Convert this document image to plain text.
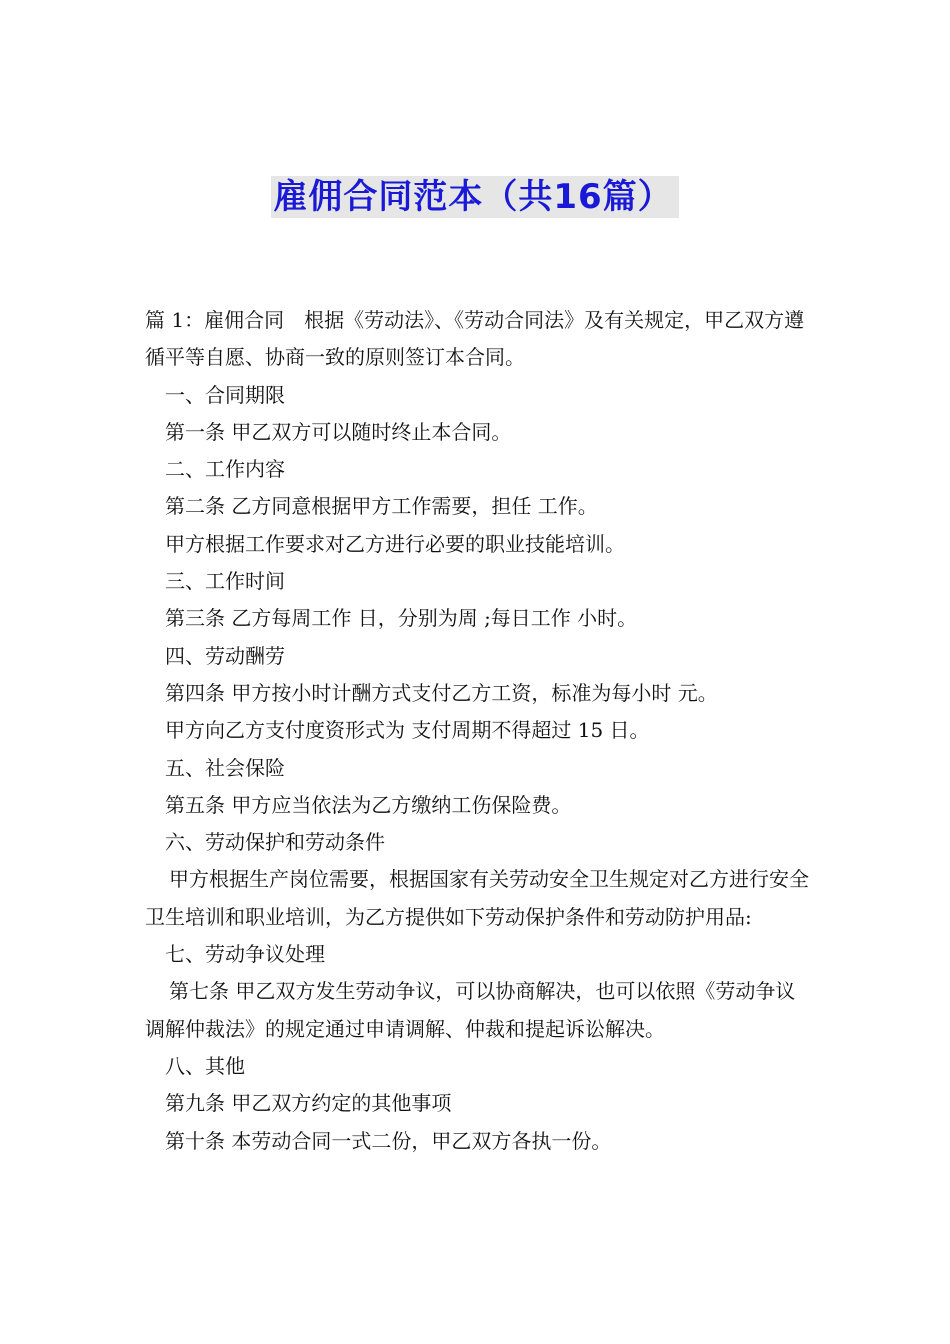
雇佣合同范本（共16篇）

篇 1：雇佣合同　根据《劳动法》、《劳动合同法》及有关规定，甲乙双方遵循平等自愿、协商一致的原则签订本合同。

一、合同期限

第一条 甲乙双方可以随时终止本合同。

二、工作内容

第二条 乙方同意根据甲方工作需要，担任 工作。

甲方根据工作要求对乙方进行必要的职业技能培训。

三、工作时间

第三条 乙方每周工作 日，分别为周 ;每日工作 小时。

四、劳动酬劳

第四条 甲方按小时计酬方式支付乙方工资，标准为每小时 元。

甲方向乙方支付度资形式为 支付周期不得超过 15 日。

五、社会保险

第五条 甲方应当依法为乙方缴纳工伤保险费。

六、劳动保护和劳动条件

甲方根据生产岗位需要，根据国家有关劳动安全卫生规定对乙方进行安全卫生培训和职业培训，为乙方提供如下劳动保护条件和劳动防护用品:

七、劳动争议处理

第七条 甲乙双方发生劳动争议，可以协商解决，也可以依照《劳动争议调解仲裁法》的规定通过申请调解、仲裁和提起诉讼解决。

八、其他

第九条 甲乙双方约定的其他事项

第十条 本劳动合同一式二份，甲乙双方各执一份。
